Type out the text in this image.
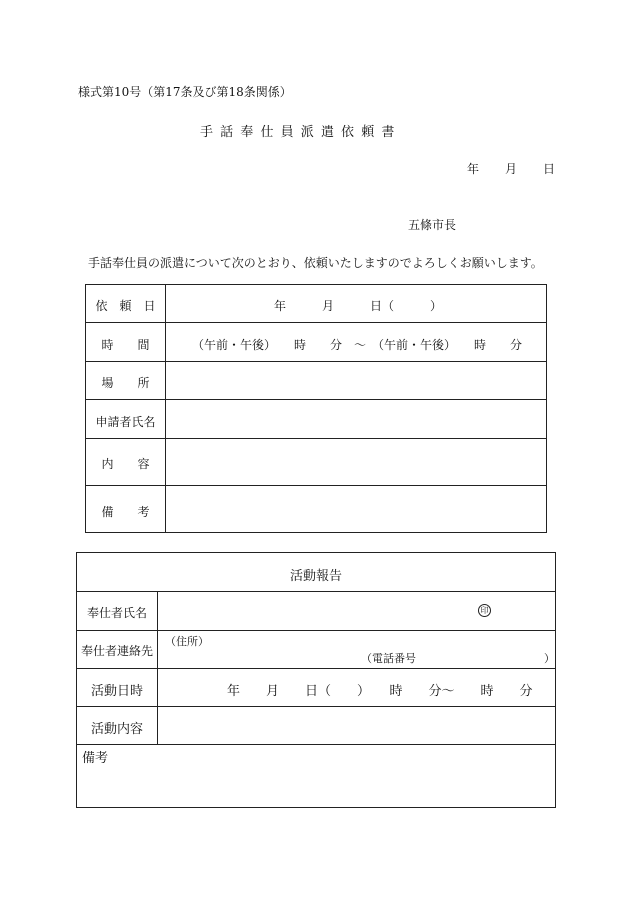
様式第10号（第17条及び第18条関係）
手話奉仕員派遣依頼書
年 月 日
五條市長
手話奉仕員の派遣について次のとおり、依頼いたしますのでよろしくお願いします。
依　頼　日	年　　　月　　　日（　　　）
時　　間	（午前・午後）　　時　　分　～　（午前・午後）　　時　　分
場　　所
申請者氏名
内　　容
備　　考
活動報告
奉仕者氏名	印
奉仕者連絡先
（住所）
（電話番号	）
活動日時	年　　月　　日（　　）　　時　　分～　　時　　分
活動内容
備考
